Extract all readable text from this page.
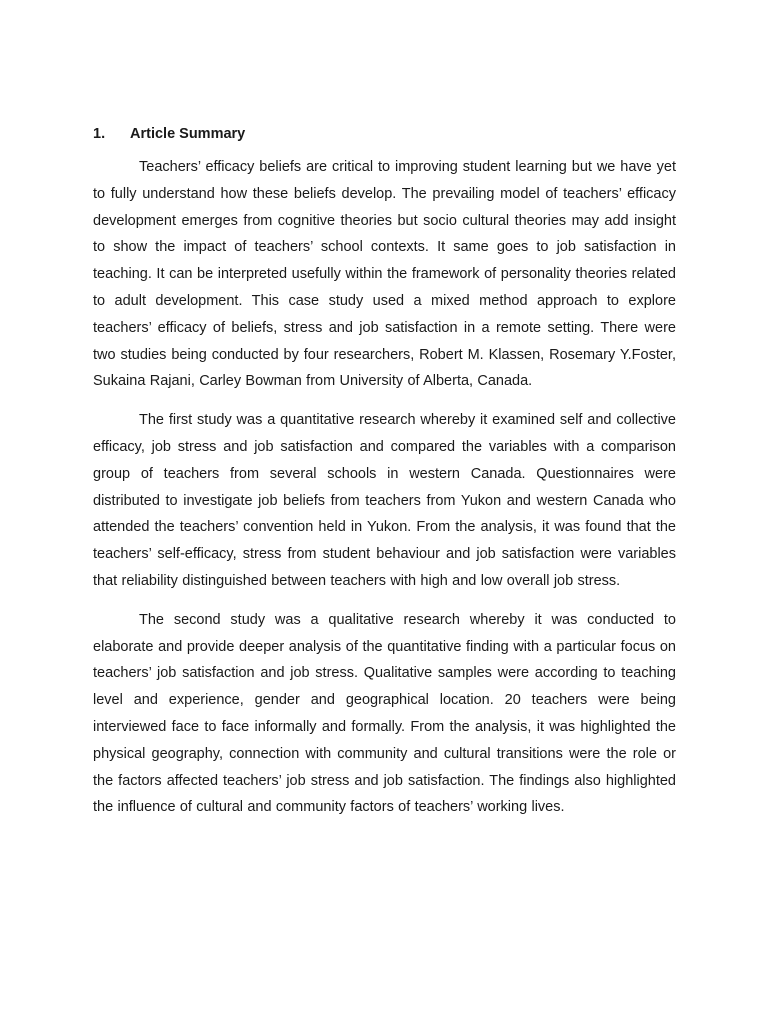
1.	Article Summary

Teachers’ efficacy beliefs are critical to improving student learning but we have yet to fully understand how these beliefs develop. The prevailing model of teachers’ efficacy development emerges from cognitive theories but socio cultural theories may add insight to show the impact of teachers’ school contexts. It same goes to job satisfaction in teaching. It can be interpreted usefully within the framework of personality theories related to adult development. This case study used a mixed method approach to explore teachers’ efficacy of beliefs, stress and job satisfaction in a remote setting. There were two studies being conducted by four researchers, Robert M. Klassen, Rosemary Y.Foster, Sukaina Rajani, Carley Bowman from University of Alberta, Canada.

The first study was a quantitative research whereby it examined self and collective efficacy, job stress and job satisfaction and compared the variables with a comparison group of teachers from several schools in western Canada. Questionnaires were distributed to investigate job beliefs from teachers from Yukon and western Canada who attended the teachers’ convention held in Yukon. From the analysis, it was found that the teachers’ self-efficacy, stress from student behaviour and job satisfaction were variables that reliability distinguished between teachers with high and low overall job stress.

The second study was a qualitative research whereby it was conducted to elaborate and provide deeper analysis of the quantitative finding with a particular focus on teachers’ job satisfaction and job stress. Qualitative samples were according to teaching level and experience, gender and geographical location. 20 teachers were being interviewed face to face informally and formally. From the analysis, it was highlighted the physical geography, connection with community and cultural transitions were the role or the factors affected teachers’ job stress and job satisfaction. The findings also highlighted the influence of cultural and community factors of teachers’ working lives.
